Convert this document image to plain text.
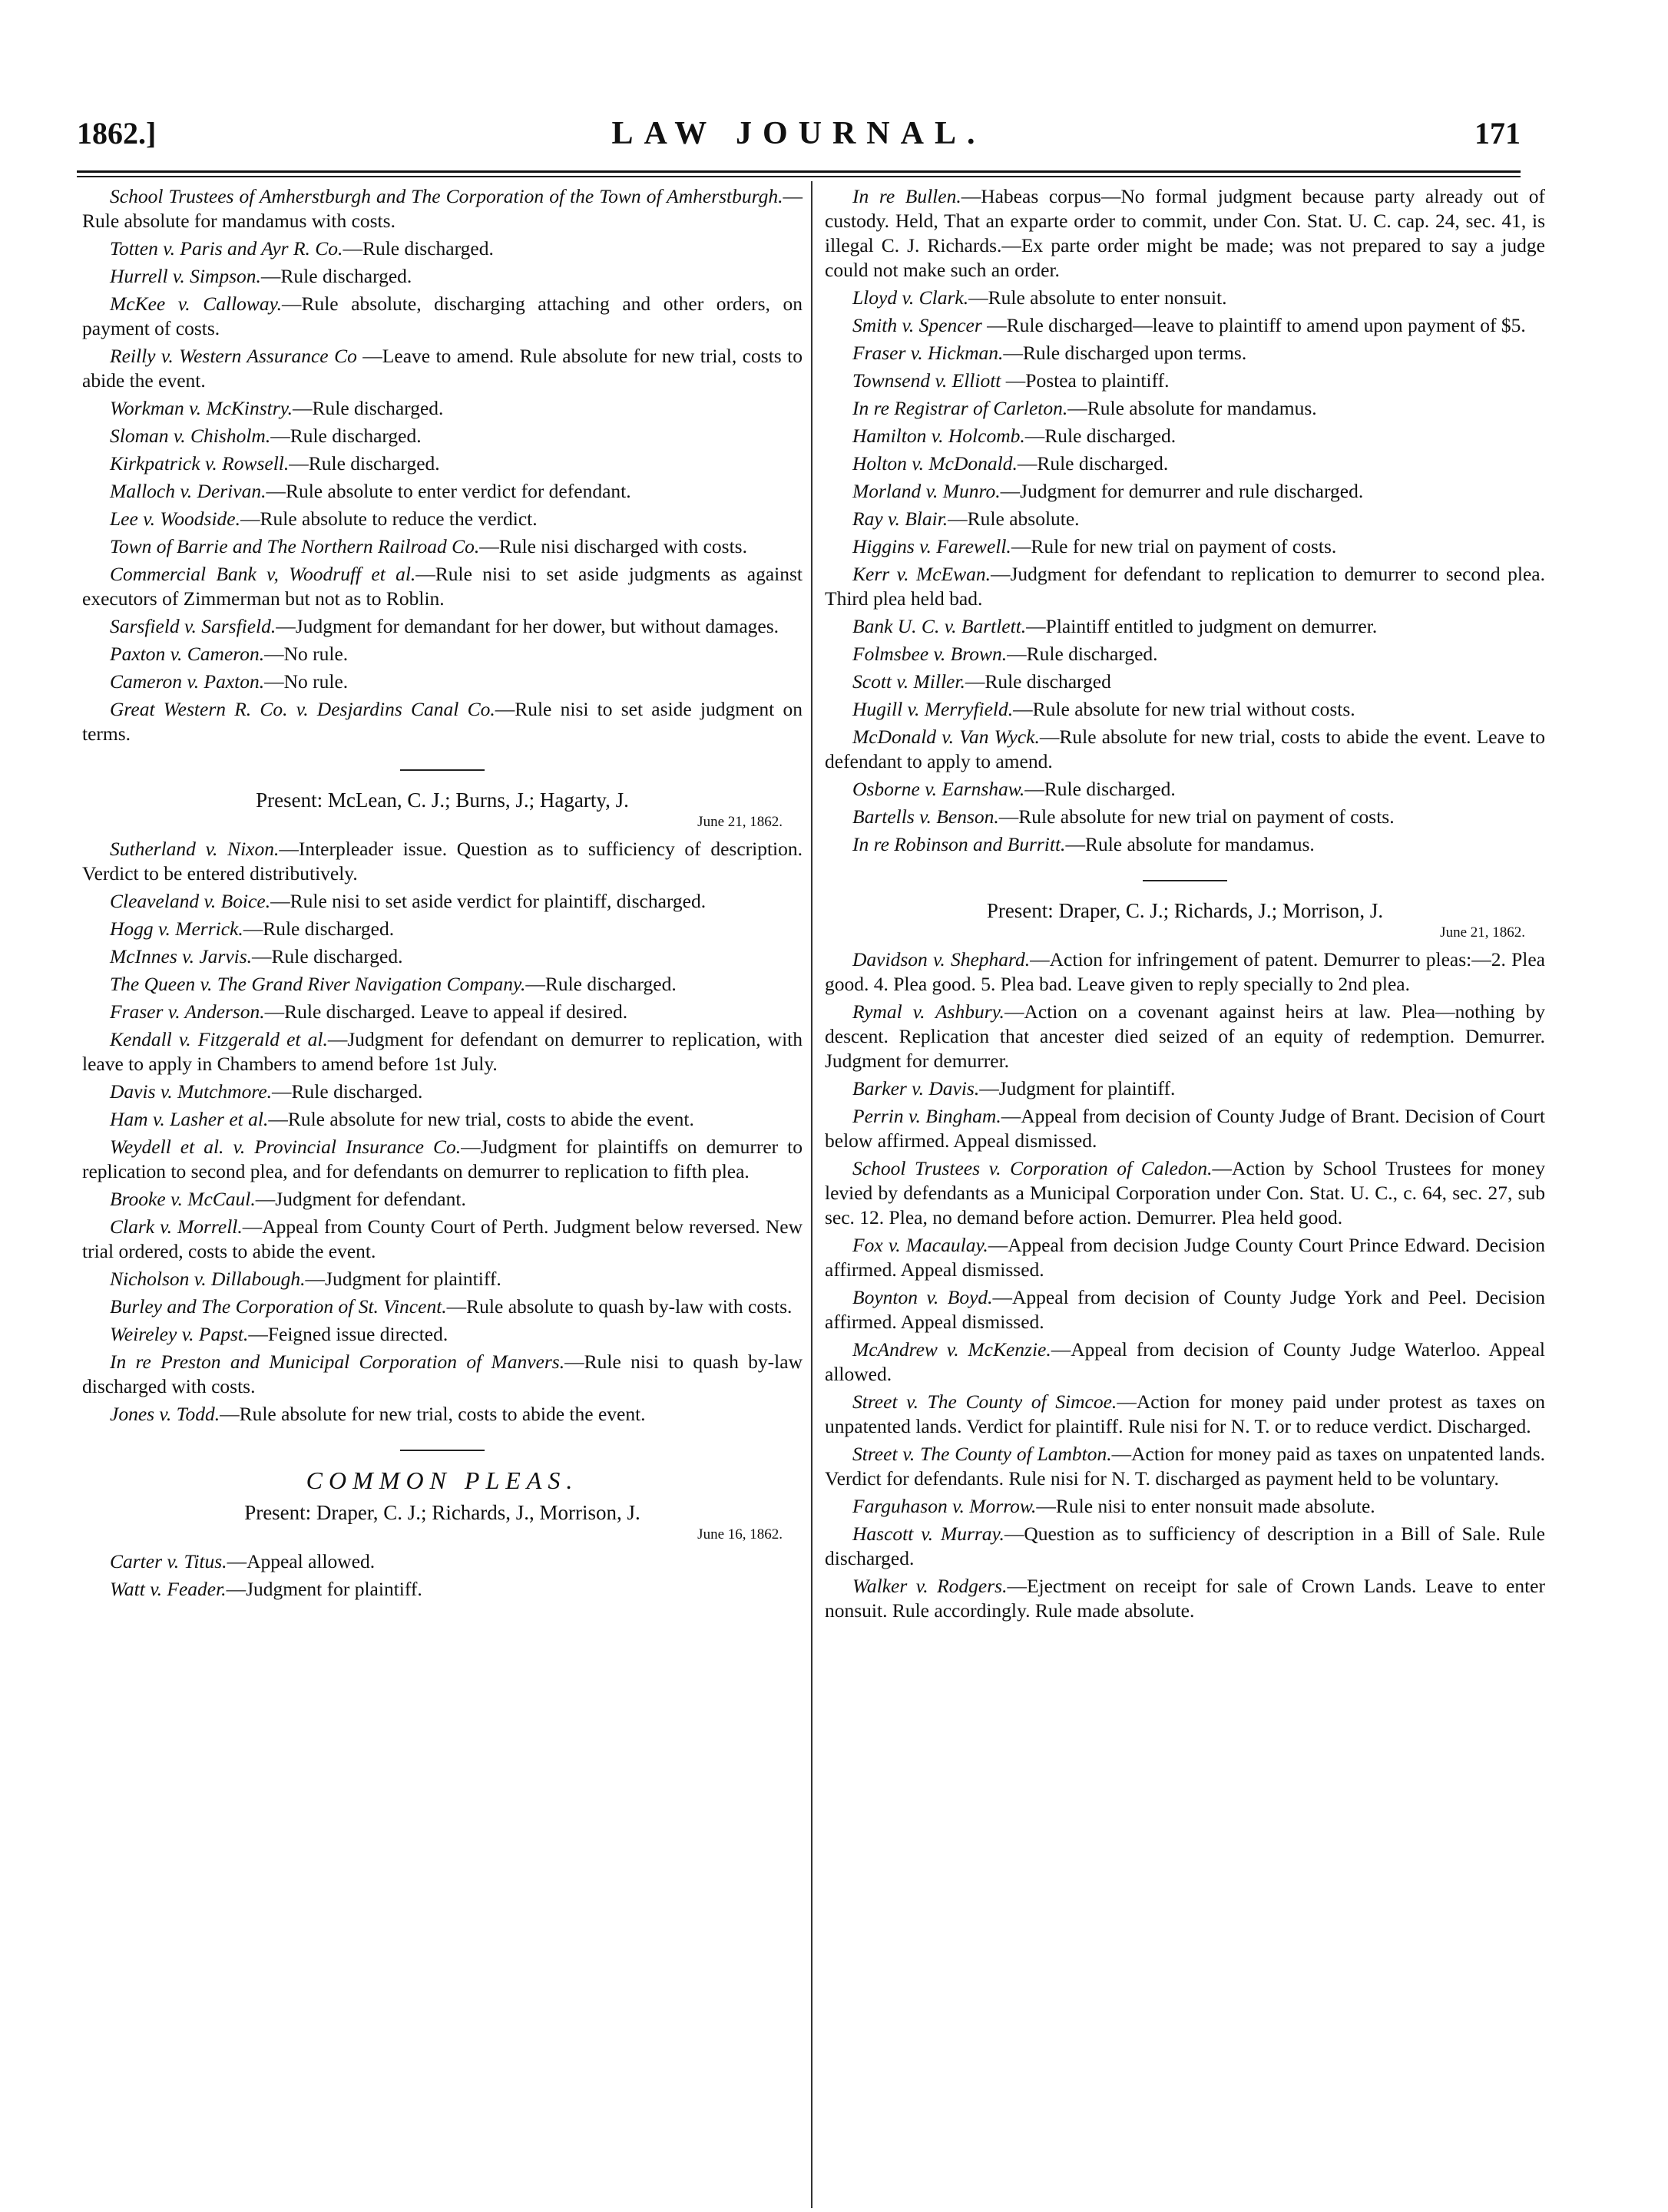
1862.]	LAW JOURNAL.	171

School Trustees of Amherstburgh and The Corporation of the Town of Amherstburgh.—Rule absolute for mandamus with costs.

Totten v. Paris and Ayr R. Co.—Rule discharged.

Hurrell v. Simpson.—Rule discharged.

McKee v. Calloway.—Rule absolute, discharging attaching and other orders, on payment of costs.

Reilly v. Western Assurance Co —Leave to amend. Rule absolute for new trial, costs to abide the event.

Workman v. McKinstry.—Rule discharged.

Sloman v. Chisholm.—Rule discharged.

Kirkpatrick v. Rowsell.—Rule discharged.

Malloch v. Derivan.—Rule absolute to enter verdict for defendant.

Lee v. Woodside.—Rule absolute to reduce the verdict.

Town of Barrie and The Northern Railroad Co.—Rule nisi discharged with costs.

Commercial Bank v, Woodruff et al.—Rule nisi to set aside judgments as against executors of Zimmerman but not as to Roblin.

Sarsfield v. Sarsfield.—Judgment for demandant for her dower, but without damages.

Paxton v. Cameron.—No rule.

Cameron v. Paxton.—No rule.

Great Western R. Co. v. Desjardins Canal Co.—Rule nisi to set aside judgment on terms.

Present: McLean, C. J.; Burns, J.; Hagarty, J.
June 21, 1862.

Sutherland v. Nixon.—Interpleader issue. Question as to sufficiency of description. Verdict to be entered distributively.

Cleaveland v. Boice.—Rule nisi to set aside verdict for plaintiff, discharged.

Hogg v. Merrick.—Rule discharged.

McInnes v. Jarvis.—Rule discharged.

The Queen v. The Grand River Navigation Company.—Rule discharged.

Fraser v. Anderson.—Rule discharged. Leave to appeal if desired.

Kendall v. Fitzgerald et al.—Judgment for defendant on demurrer to replication, with leave to apply in Chambers to amend before 1st July.

Davis v. Mutchmore.—Rule discharged.

Ham v. Lasher et al.—Rule absolute for new trial, costs to abide the event.

Weydell et al. v. Provincial Insurance Co.—Judgment for plaintiffs on demurrer to replication to second plea, and for defendants on demurrer to replication to fifth plea.

Brooke v. McCaul.—Judgment for defendant.

Clark v. Morrell.—Appeal from County Court of Perth. Judgment below reversed. New trial ordered, costs to abide the event.

Nicholson v. Dillabough.—Judgment for plaintiff.

Burley and The Corporation of St. Vincent.—Rule absolute to quash by-law with costs.

Weireley v. Papst.—Feigned issue directed.

In re Preston and Municipal Corporation of Manvers.—Rule nisi to quash by-law discharged with costs.

Jones v. Todd.—Rule absolute for new trial, costs to abide the event.

COMMON PLEAS.
Present: Draper, C. J.; Richards, J., Morrison, J.
June 16, 1862.

Carter v. Titus.—Appeal allowed.

Watt v. Feader.—Judgment for plaintiff.

In re Bullen.—Habeas corpus—No formal judgment because party already out of custody. Held, That an exparte order to commit, under Con. Stat. U. C. cap. 24, sec. 41, is illegal C. J. Richards.—Ex parte order might be made; was not prepared to say a judge could not make such an order.

Lloyd v. Clark.—Rule absolute to enter nonsuit.

Smith v. Spencer —Rule discharged—leave to plaintiff to amend upon payment of $5.

Fraser v. Hickman.—Rule discharged upon terms.

Townsend v. Elliott —Postea to plaintiff.

In re Registrar of Carleton.—Rule absolute for mandamus.

Hamilton v. Holcomb.—Rule discharged.

Holton v. McDonald.—Rule discharged.

Morland v. Munro.—Judgment for demurrer and rule discharged.

Ray v. Blair.—Rule absolute.

Higgins v. Farewell.—Rule for new trial on payment of costs.

Kerr v. McEwan.—Judgment for defendant to replication to demurrer to second plea. Third plea held bad.

Bank U. C. v. Bartlett.—Plaintiff entitled to judgment on demurrer.

Folmsbee v. Brown.—Rule discharged.

Scott v. Miller.—Rule discharged

Hugill v. Merryfield.—Rule absolute for new trial without costs.

McDonald v. Van Wyck.—Rule absolute for new trial, costs to abide the event. Leave to defendant to apply to amend.

Osborne v. Earnshaw.—Rule discharged.

Bartells v. Benson.—Rule absolute for new trial on payment of costs.

In re Robinson and Burritt.—Rule absolute for mandamus.

Present: Draper, C. J.; Richards, J.; Morrison, J.
June 21, 1862.

Davidson v. Shephard.—Action for infringement of patent. Demurrer to pleas:—2. Plea good. 4. Plea good. 5. Plea bad. Leave given to reply specially to 2nd plea.

Rymal v. Ashbury.—Action on a covenant against heirs at law. Plea—nothing by descent. Replication that ancester died seized of an equity of redemption. Demurrer. Judgment for demurrer.

Barker v. Davis.—Judgment for plaintiff.

Perrin v. Bingham.—Appeal from decision of County Judge of Brant. Decision of Court below affirmed. Appeal dismissed.

School Trustees v. Corporation of Caledon.—Action by School Trustees for money levied by defendants as a Municipal Corporation under Con. Stat. U. C., c. 64, sec. 27, sub sec. 12. Plea, no demand before action. Demurrer. Plea held good.

Fox v. Macaulay.—Appeal from decision Judge County Court Prince Edward. Decision affirmed. Appeal dismissed.

Boynton v. Boyd.—Appeal from decision of County Judge York and Peel. Decision affirmed. Appeal dismissed.

McAndrew v. McKenzie.—Appeal from decision of County Judge Waterloo. Appeal allowed.

Street v. The County of Simcoe.—Action for money paid under protest as taxes on unpatented lands. Verdict for plaintiff. Rule nisi for N. T. or to reduce verdict. Discharged.

Street v. The County of Lambton.—Action for money paid as taxes on unpatented lands. Verdict for defendants. Rule nisi for N. T. discharged as payment held to be voluntary.

Farguhason v. Morrow.—Rule nisi to enter nonsuit made absolute.

Hascott v. Murray.—Question as to sufficiency of description in a Bill of Sale. Rule discharged.

Walker v. Rodgers.—Ejectment on receipt for sale of Crown Lands. Leave to enter nonsuit. Rule accordingly. Rule made absolute.
